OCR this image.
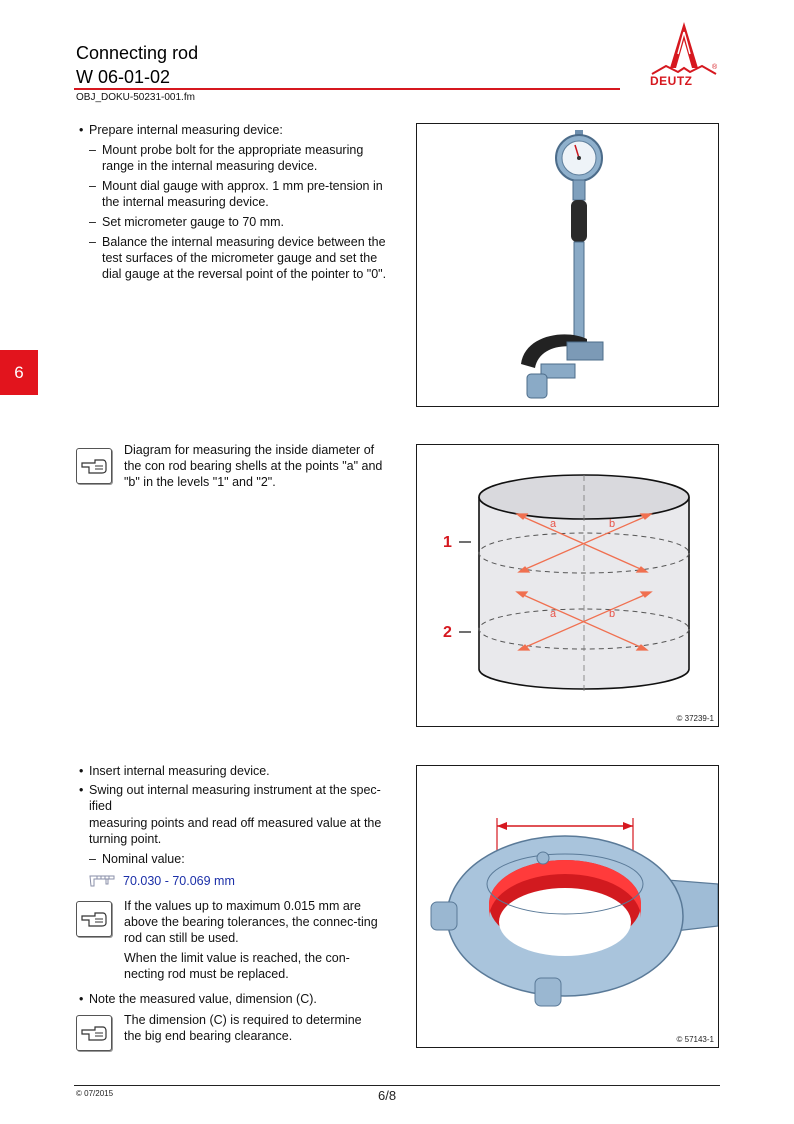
Connecting rod
W 06-01-02
OBJ_DOKU-50231-001.fm
DEUTZ
®
6
• Prepare internal measuring device:
– Mount probe bolt for the appropriate measuring range in the internal measuring device.
– Mount dial gauge with approx. 1 mm pre-tension in the internal measuring device.
– Set micrometer gauge to 70 mm.
– Balance the internal measuring device between the test surfaces of the micrometer gauge and set the dial gauge at the reversal point of the pointer to "0".
Diagram for measuring the inside diameter of the con rod bearing shells at the points "a" and "b" in the levels "1" and "2".
a	b
a	b
1
2
© 37239-1
• Insert internal measuring device.
• Swing out internal measuring instrument at the spec-
ified
measuring points and read off measured value at the turning point.
– Nominal value:
70.030 - 70.069 mm
If the values up to maximum 0.015 mm are above the bearing tolerances, the connec-ting rod can still be used.
When the limit value is reached, the con-necting rod must be replaced.
• Note the measured value, dimension (C).
The dimension (C) is required to determine the big end bearing clearance.	© 57143-1
© 07/2015	6/8
